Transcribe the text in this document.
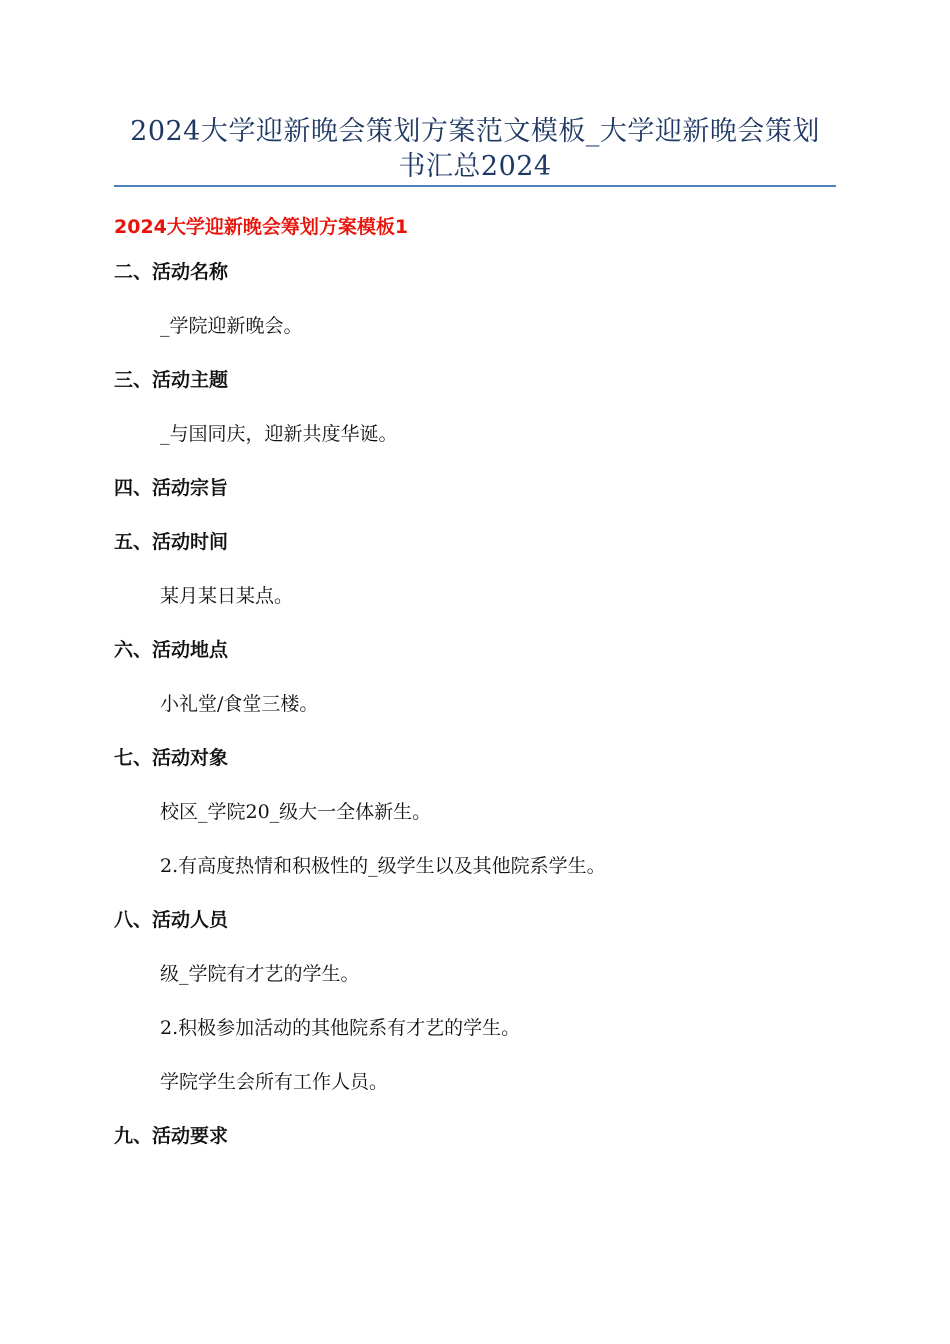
2024大学迎新晚会策划方案范文模板_大学迎新晚会策划
书汇总2024
2024大学迎新晚会筹划方案模板1
二、活动名称
_学院迎新晚会。
三、活动主题
_与国同庆，迎新共度华诞。
四、活动宗旨
五、活动时间
某月某日某点。
六、活动地点
小礼堂/食堂三楼。
七、活动对象
校区_学院20_级大一全体新生。
2.有高度热情和积极性的_级学生以及其他院系学生。
八、活动人员
级_学院有才艺的学生。
2.积极参加活动的其他院系有才艺的学生。
学院学生会所有工作人员。
九、活动要求
